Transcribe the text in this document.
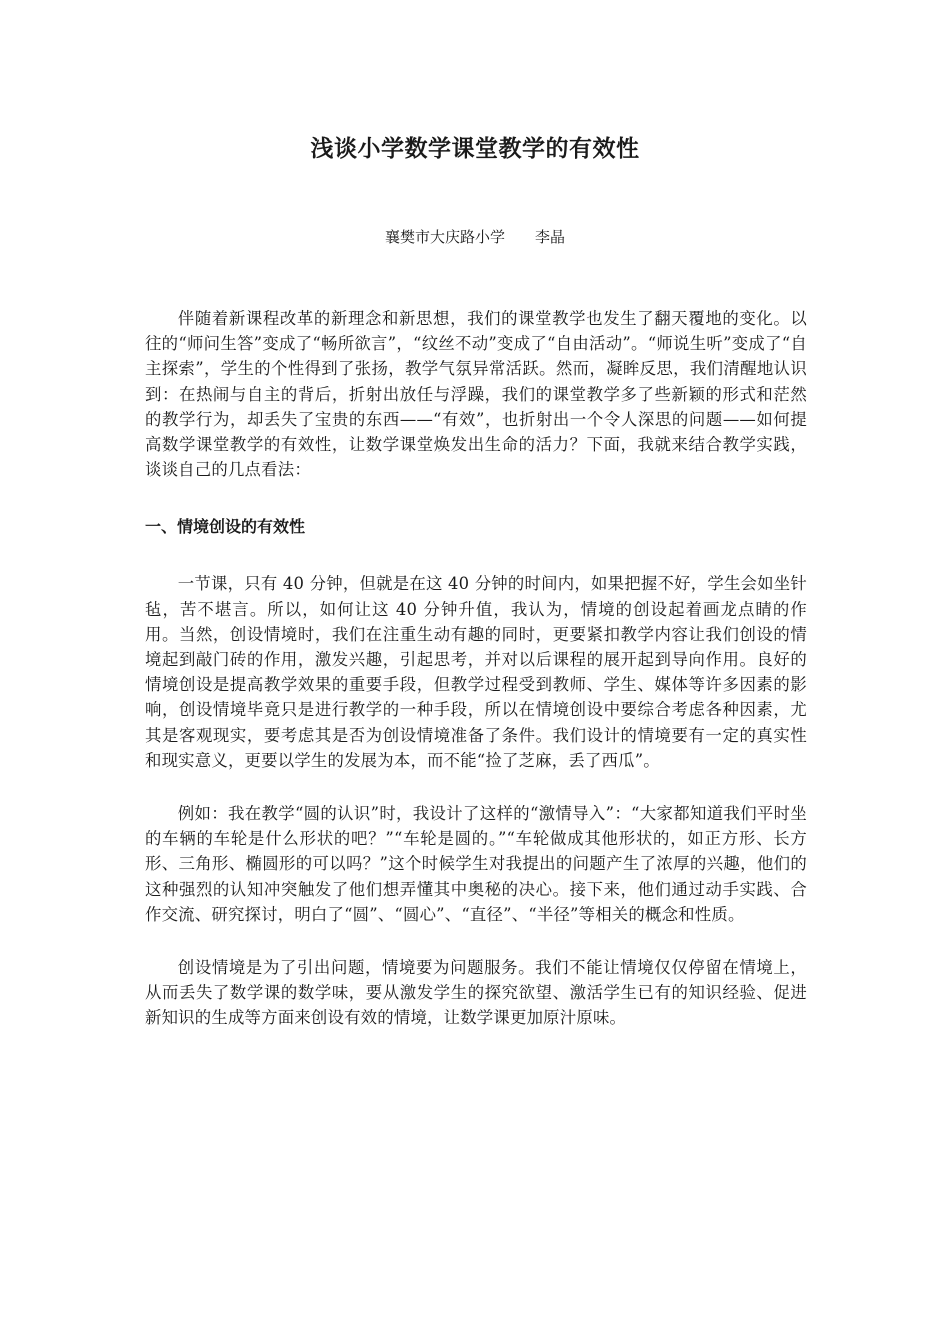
浅谈小学数学课堂教学的有效性
襄樊市大庆路小学 李晶

伴随着新课程改革的新理念和新思想，我们的课堂教学也发生了翻天覆地的变化。以往的“师问生答”变成了“畅所欲言”，“纹丝不动”变成了“自由活动”。“师说生听”变成了“自主探索”，学生的个性得到了张扬，教学气氛异常活跃。然而，凝眸反思，我们清醒地认识到：在热闹与自主的背后，折射出放任与浮躁，我们的课堂教学多了些新颖的形式和茫然的教学行为，却丢失了宝贵的东西——“有效”，也折射出一个令人深思的问题——如何提高数学课堂教学的有效性，让数学课堂焕发出生命的活力？下面，我就来结合教学实践，谈谈自己的几点看法：

一、情境创设的有效性

一节课，只有 40 分钟，但就是在这 40 分钟的时间内，如果把握不好，学生会如坐针毡，苦不堪言。所以，如何让这 40 分钟升值，我认为，情境的创设起着画龙点睛的作用。当然，创设情境时，我们在注重生动有趣的同时，更要紧扣教学内容让我们创设的情境起到敲门砖的作用，激发兴趣，引起思考，并对以后课程的展开起到导向作用。良好的情境创设是提高教学效果的重要手段，但教学过程受到教师、学生、媒体等许多因素的影响，创设情境毕竟只是进行教学的一种手段，所以在情境创设中要综合考虑各种因素，尤其是客观现实，要考虑其是否为创设情境准备了条件。我们设计的情境要有一定的真实性和现实意义，更要以学生的发展为本，而不能“捡了芝麻，丢了西瓜”。

例如：我在教学“圆的认识”时，我设计了这样的“激情导入”：“大家都知道我们平时坐的车辆的车轮是什么形状的吧？”“车轮是圆的。”“车轮做成其他形状的，如正方形、长方形、三角形、椭圆形的可以吗？”这个时候学生对我提出的问题产生了浓厚的兴趣，他们的这种强烈的认知冲突触发了他们想弄懂其中奥秘的决心。接下来，他们通过动手实践、合作交流、研究探讨，明白了“圆”、“圆心”、“直径”、“半径”等相关的概念和性质。

创设情境是为了引出问题，情境要为问题服务。我们不能让情境仅仅停留在情境上，从而丢失了数学课的数学味，要从激发学生的探究欲望、激活学生已有的知识经验、促进新知识的生成等方面来创设有效的情境，让数学课更加原汁原味。
